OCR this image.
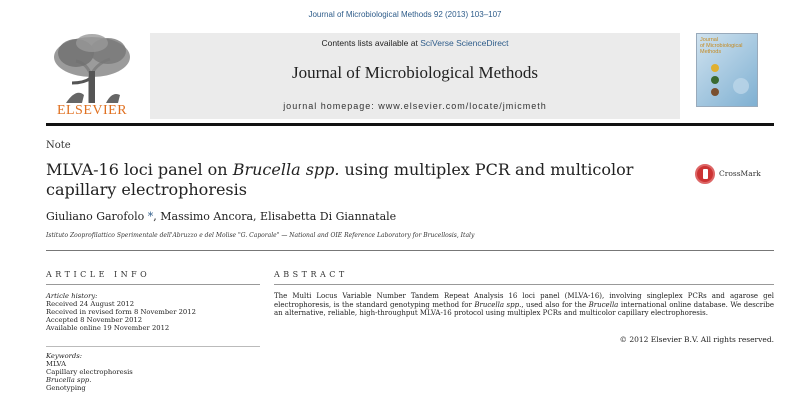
Journal of Microbiological Methods 92 (2013) 103–107
ELSEVIER
Contents lists available at SciVerse ScienceDirect
Journal of Microbiological Methods
journal homepage: www.elsevier.com/locate/jmicmeth
Journal
of Microbiological
Methods
Note
MLVA-16 loci panel on Brucella spp. using multiplex PCR and multicolor capillary electrophoresis
CrossMark
Giuliano Garofolo *, Massimo Ancora, Elisabetta Di Giannatale
Istituto Zooprofilattico Sperimentale dell'Abruzzo e del Molise "G. Caporale" — National and OIE Reference Laboratory for Brucellosis, Italy
ARTICLE INFO	ABSTRACT
Article history:
Received 24 August 2012
Received in revised form 8 November 2012
Accepted 8 November 2012
Available online 19 November 2012
Keywords:
MLVA
Capillary electrophoresis
Brucella spp.
Genotyping
The Multi Locus Variable Number Tandem Repeat Analysis 16 loci panel (MLVA-16), involving singleplex PCRs and agarose gel electrophoresis, is the standard genotyping method for Brucella spp., used also for the Brucella international online database. We describe an alternative, reliable, high-throughput MLVA-16 protocol using multiplex PCRs and multicolor capillary electrophoresis.
© 2012 Elsevier B.V. All rights reserved.
